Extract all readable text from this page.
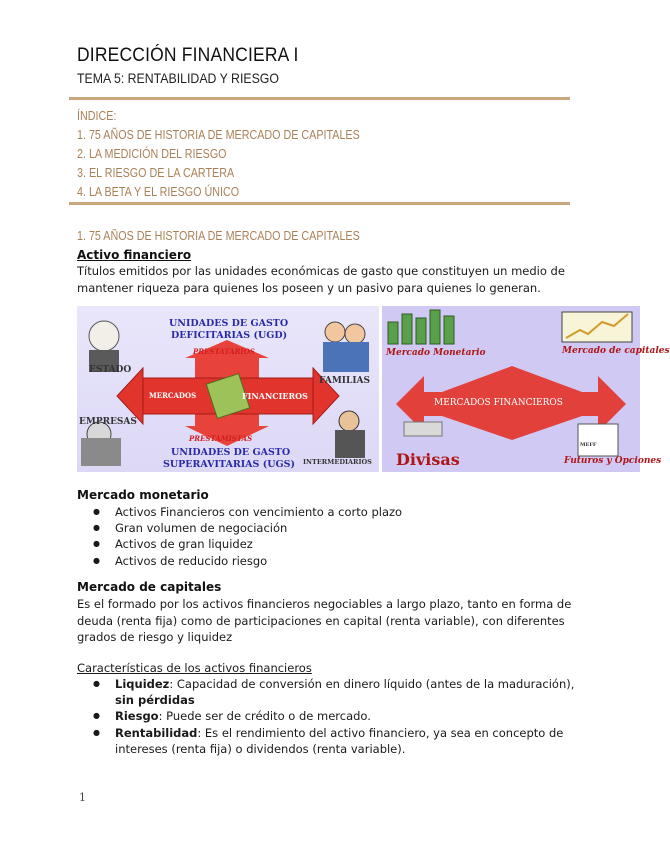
DIRECCIÓN FINANCIERA I
TEMA 5: RENTABILIDAD Y RIESGO
ÍNDICE:
1. 75 AÑOS DE HISTORIA DE MERCADO DE CAPITALES
2. LA MEDICIÓN DEL RIESGO
3. EL RIESGO DE LA CARTERA
4. LA BETA Y EL RIESGO ÚNICO
1. 75 AÑOS DE HISTORIA DE MERCADO DE CAPITALES
Activo financiero
Títulos emitidos por las unidades económicas de gasto que constituyen un medio de mantener riqueza para quienes los poseen y un pasivo para quienes lo generan.
UNIDADES DE GASTO
DEFICITARIAS (UGD)
PRESTATARIOS
ESTADO
FAMILIAS
MERCADOS	FINANCIEROS
EMPRESAS
PRESTAMISTAS
UNIDADES DE GASTO
SUPERAVITARIAS (UGS) INTERMEDIARIOS
Mercado Monetario	Mercado de capitales
MERCADOS FINANCIEROS
MEFF
Divisas	Futuros y Opciones
Mercado monetario
● Activos Financieros con vencimiento a corto plazo
● Gran volumen de negociación
● Activos de gran liquidez
● Activos de reducido riesgo
Mercado de capitales
Es el formado por los activos financieros negociables a largo plazo, tanto en forma de deuda (renta fija) como de participaciones en capital (renta variable), con diferentes grados de riesgo y liquidez
Características de los activos financieros
● Liquidez: Capacidad de conversión en dinero líquido (antes de la maduración), sin pérdidas
● Riesgo: Puede ser de crédito o de mercado.
● Rentabilidad: Es el rendimiento del activo financiero, ya sea en concepto de intereses (renta fija) o dividendos (renta variable).
1
